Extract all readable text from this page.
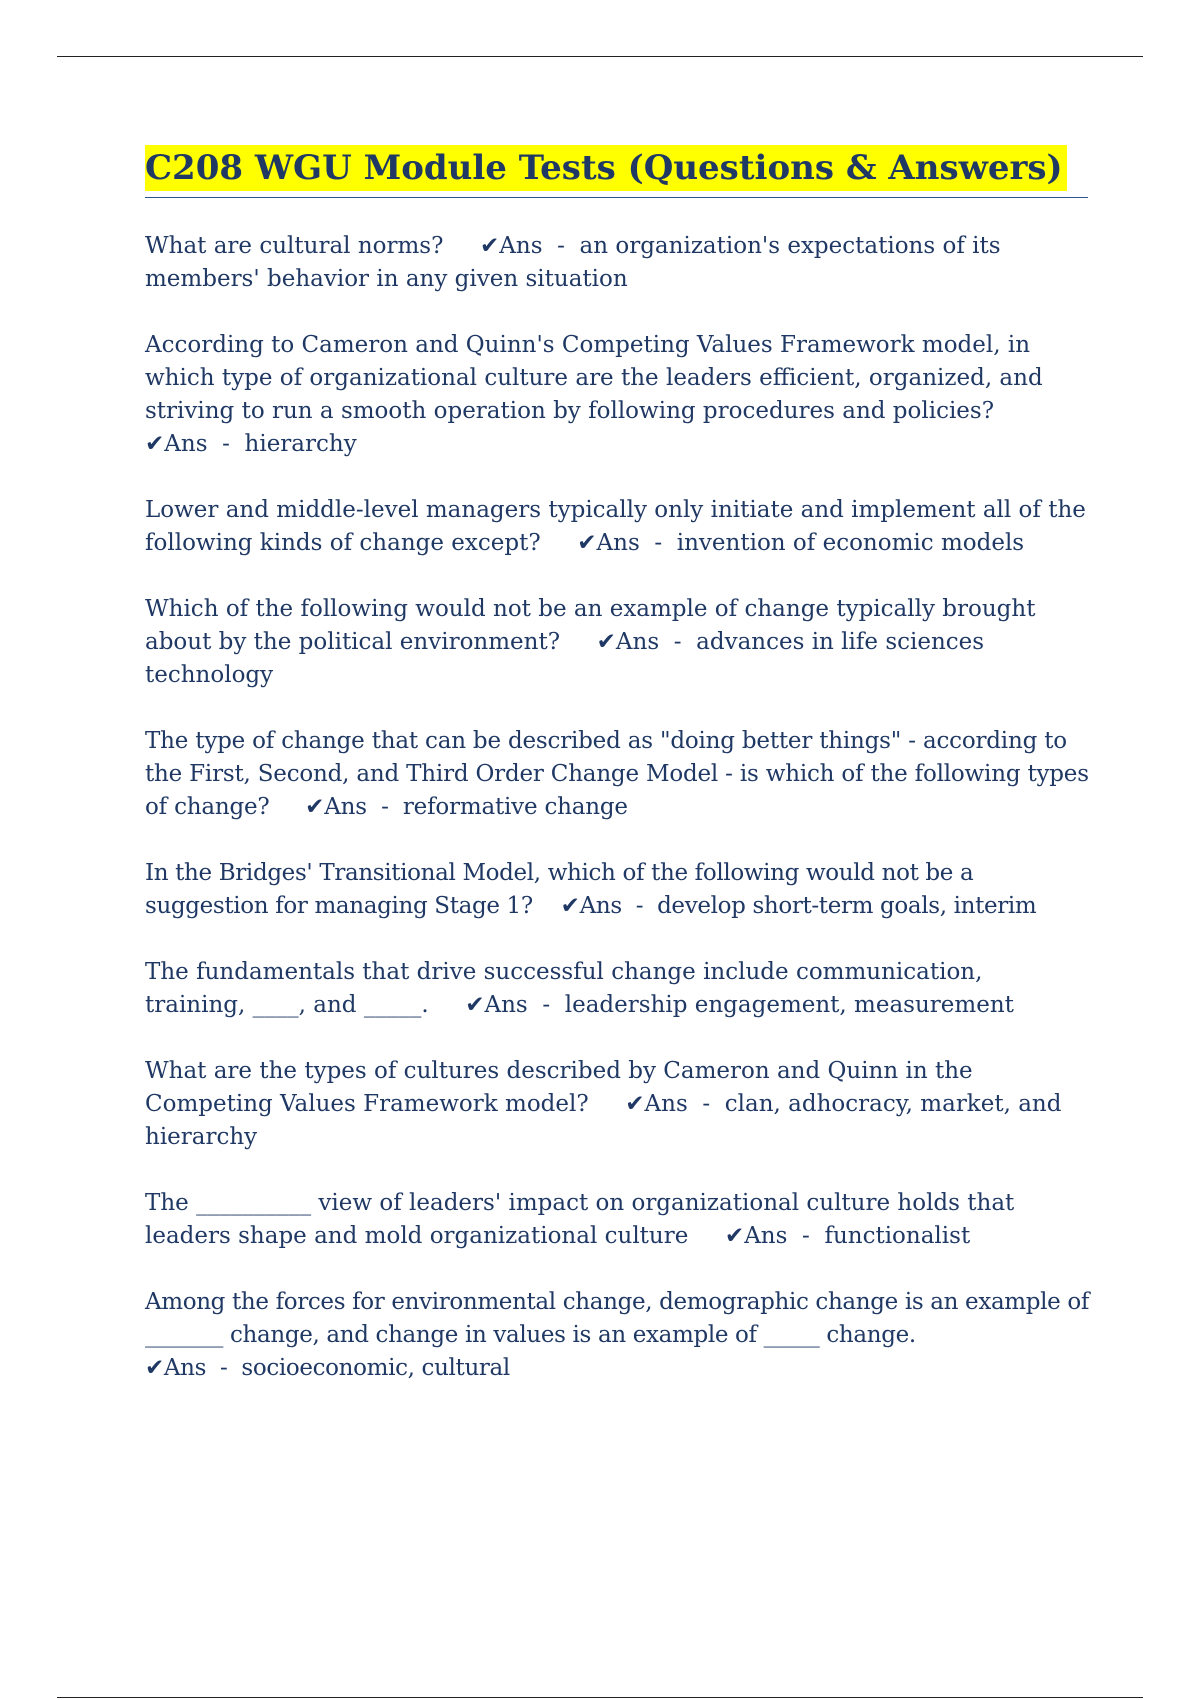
C208 WGU Module Tests (Questions & Answers)
What are cultural norms? ✔Ans  -  an organization's expectations of its members' behavior in any given situation
According to Cameron and Quinn's Competing Values Framework model, in which type of organizational culture are the leaders efficient, organized, and striving to run a smooth operation by following procedures and policies?
✔Ans  -  hierarchy
Lower and middle-level managers typically only initiate and implement all of the following kinds of change except? ✔Ans  -  invention of economic models
Which of the following would not be an example of change typically brought about by the political environment? ✔Ans  -  advances in life sciences technology
The type of change that can be described as "doing better things" - according to the First, Second, and Third Order Change Model - is which of the following types of change? ✔Ans  -  reformative change
In the Bridges' Transitional Model, which of the following would not be a suggestion for managing Stage 1? ✔Ans  -  develop short-term goals, interim
The fundamentals that drive successful change include communication, training, ____, and _____. ✔Ans  -  leadership engagement, measurement
What are the types of cultures described by Cameron and Quinn in the Competing Values Framework model? ✔Ans  -  clan, adhocracy, market, and hierarchy
The __________ view of leaders' impact on organizational culture holds that leaders shape and mold organizational culture ✔Ans  -  functionalist
Among the forces for environmental change, demographic change is an example of _______ change, and change in values is an example of _____ change.
✔Ans  -  socioeconomic, cultural
